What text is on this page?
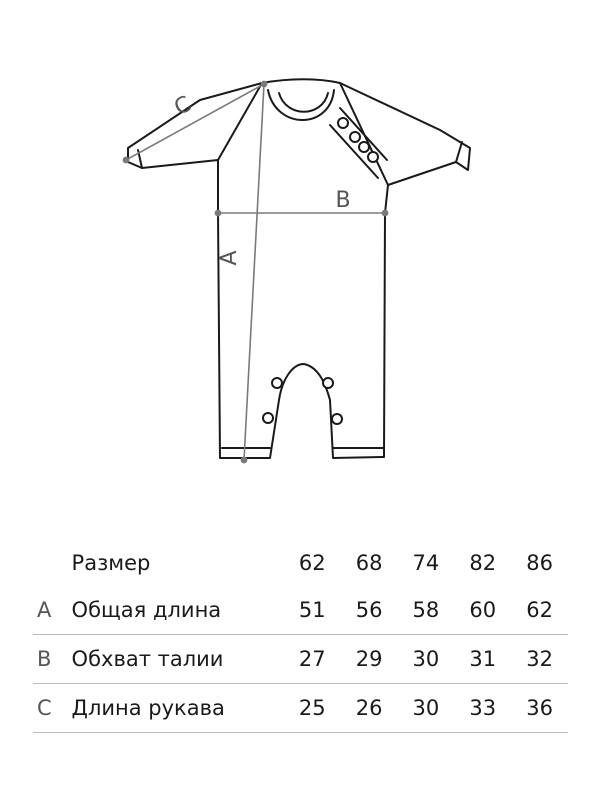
A
B
C
	Размер	62	68	74	82	86
A	Общая длина	51	56	58	60	62
B	Обхват талии	27	29	30	31	32
C	Длина рукава	25	26	30	33	36
